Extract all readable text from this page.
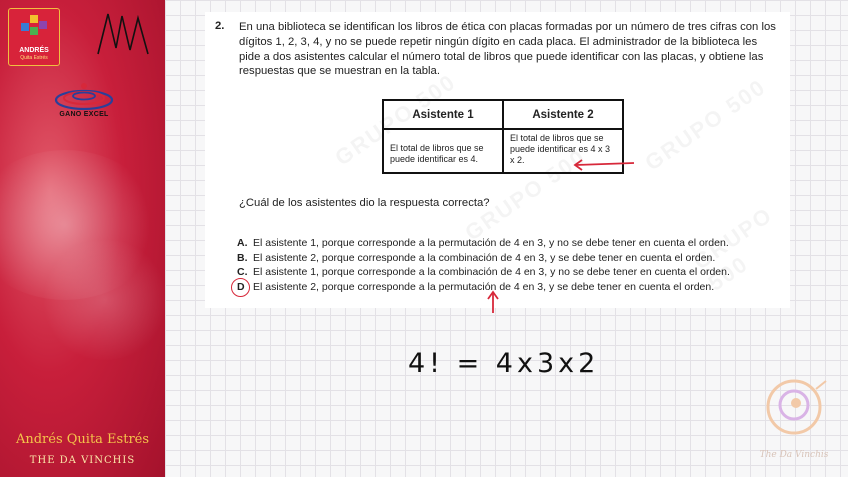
ANDRÉS
Quita Estrés
GANO EXCEL
Andrés Quita Estrés
THE DA VINCHIS
2. En una biblioteca se identifican los libros de ética con placas formadas por un número de tres cifras con los dígitos 1, 2, 3, 4, y no se puede repetir ningún dígito en cada placa. El administrador de la biblioteca les pide a dos asistentes calcular el número total de libros que puede identificar con las placas, y obtiene las respuestas que se muestran en la tabla.
Asistente 1	Asistente 2
El total de libros que se puede identificar es 4.
El total de libros que se puede identificar es 4 x 3 x 2.
¿Cuál de los asistentes dio la respuesta correcta?
A. El asistente 1, porque corresponde a la permutación de 4 en 3, y no se debe tener en cuenta el orden.
B. El asistente 2, porque corresponde a la combinación de 4 en 3, y se debe tener en cuenta el orden.
C. El asistente 1, porque corresponde a la combinación de 4 en 3, y no se debe tener en cuenta el orden.
D El asistente 2, porque corresponde a la permutación de 4 en 3, y se debe tener en cuenta el orden.
4! = 4x3x2
The Da Vinchis
